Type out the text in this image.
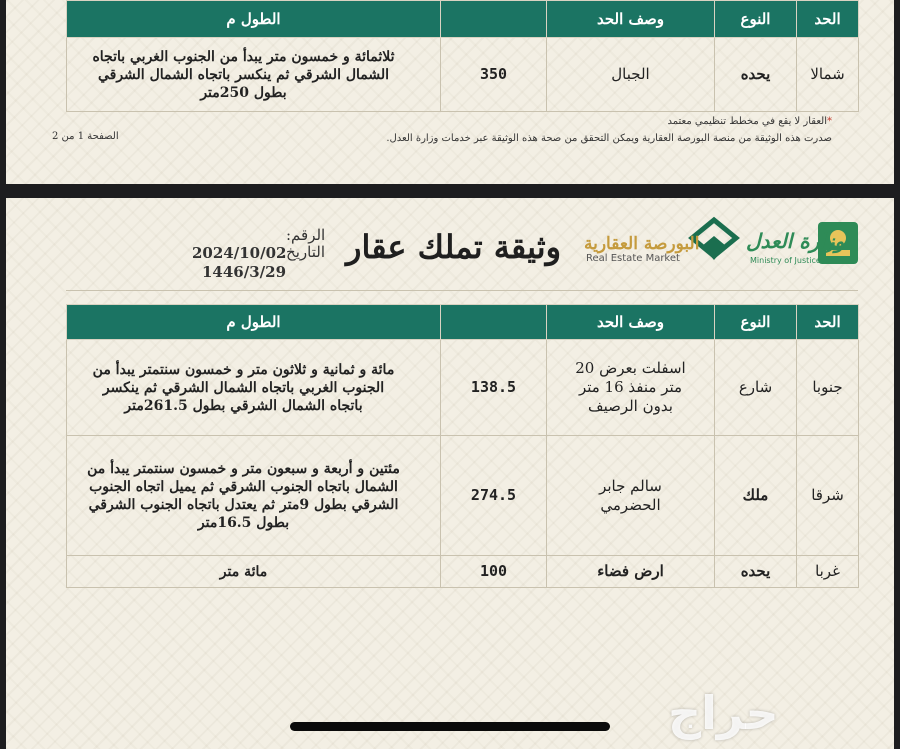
الحد	النوع	وصف الحد		الطول م
شمالا	يحده	الجبال	350	ثلاثمائة و خمسون متر يبدأ من الجنوب الغربي باتجاه الشمال الشرقي ثم ينكسر باتجاه الشمال الشرقي بطول 250متر
*العقار لا يقع في مخطط تنظيمي معتمد
صدرت هذه الوثيقة من منصة البورصة العقارية ويمكن التحقق من صحة هذه الوثيقة عبر خدمات وزارة العدل.
الصفحة 1 من 2
وزارة العدل
Ministry of Justice
البورصة العقارية
Real Estate Market
وثيقة تملك عقار
الرقم:
التاريخ:
2024/10/02
1446/3/29
الحد	النوع	وصف الحد		الطول م
جنوبا	شارع	اسفلت بعرض 20 متر منفذ 16 متر بدون الرصيف	138.5	مائة و ثمانية و ثلاثون متر و خمسون سنتمتر يبدأ من الجنوب الغربي باتجاه الشمال الشرقي ثم ينكسر باتجاه الشمال الشرقي بطول 261.5متر
شرقا	ملك	سالم جابر الحضرمي	274.5	مئتين و أربعة و سبعون متر و خمسون سنتمتر يبدأ من الشمال باتجاه الجنوب الشرقي ثم يميل اتجاه الجنوب الشرقي بطول 9متر ثم يعتدل باتجاه الجنوب الشرقي بطول 16.5متر
غربا	يحده	ارض فضاء	100	مائة متر
حراج
